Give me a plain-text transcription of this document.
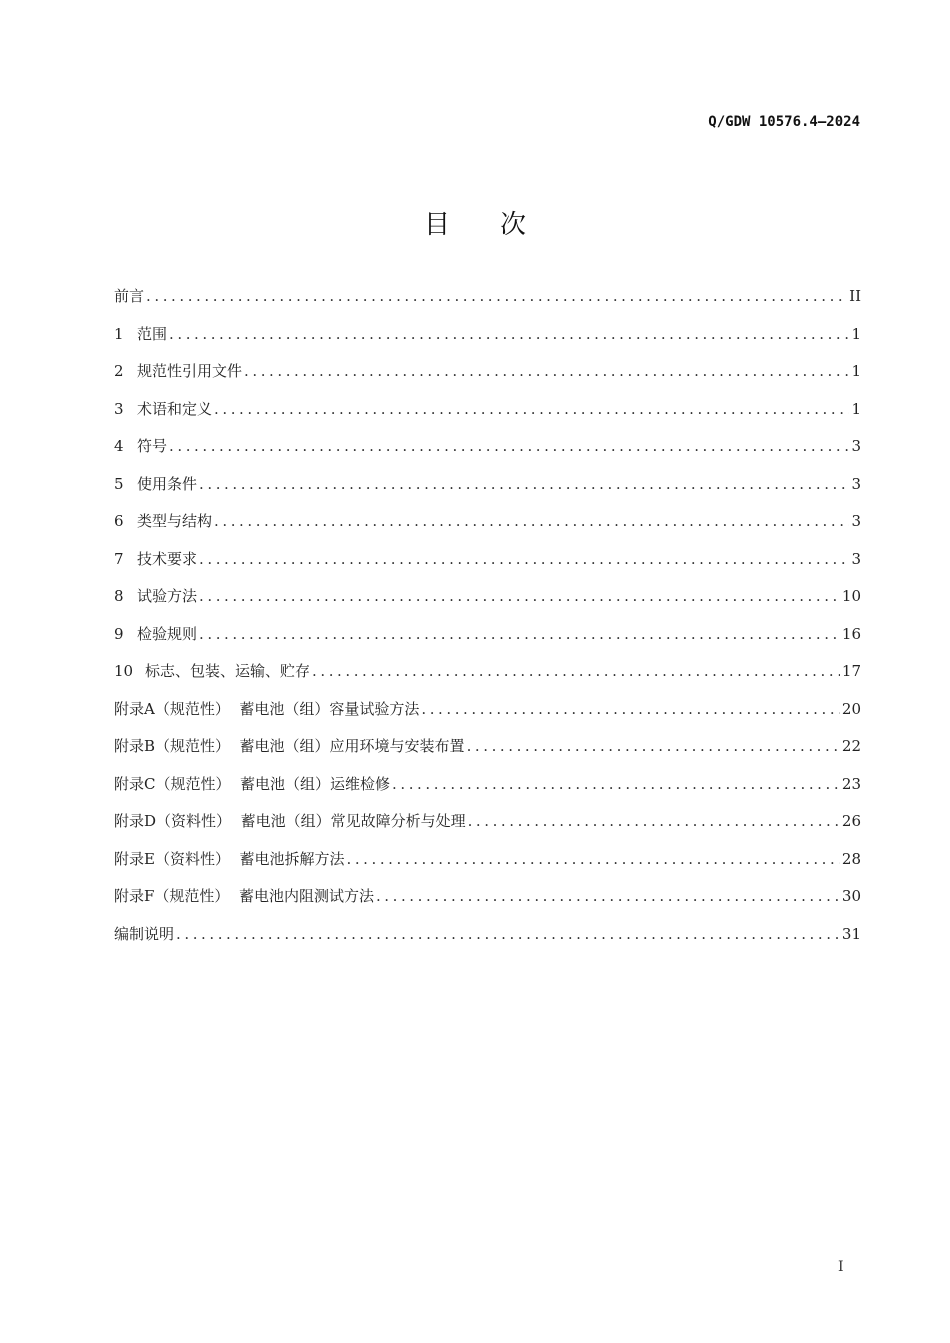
Q/GDW 10576.4—2024
目 次
前言 . . .	II
1 范围 . . .	1
2 规范性引用文件 . . .	1
3 术语和定义 . . .	1
4 符号 . . .	3
5 使用条件 . . .	3
6 类型与结构 . . .	3
7 技术要求 . . .	3
8 试验方法 . . .	10
9 检验规则 . . .	16
10 标志、包装、运输、贮存 . . .	17
附录A（规范性）  蓄电池（组）容量试验方法 . . .	20
附录B（规范性）  蓄电池（组）应用环境与安装布置 . . .	22
附录C（规范性）  蓄电池（组）运维检修 . . .	23
附录D（资料性）  蓄电池（组）常见故障分析与处理 . . .	26
附录E（资料性）  蓄电池拆解方法 . . .	28
附录F（规范性）  蓄电池内阻测试方法 . . .	30
编制说明 . . .	31
I
